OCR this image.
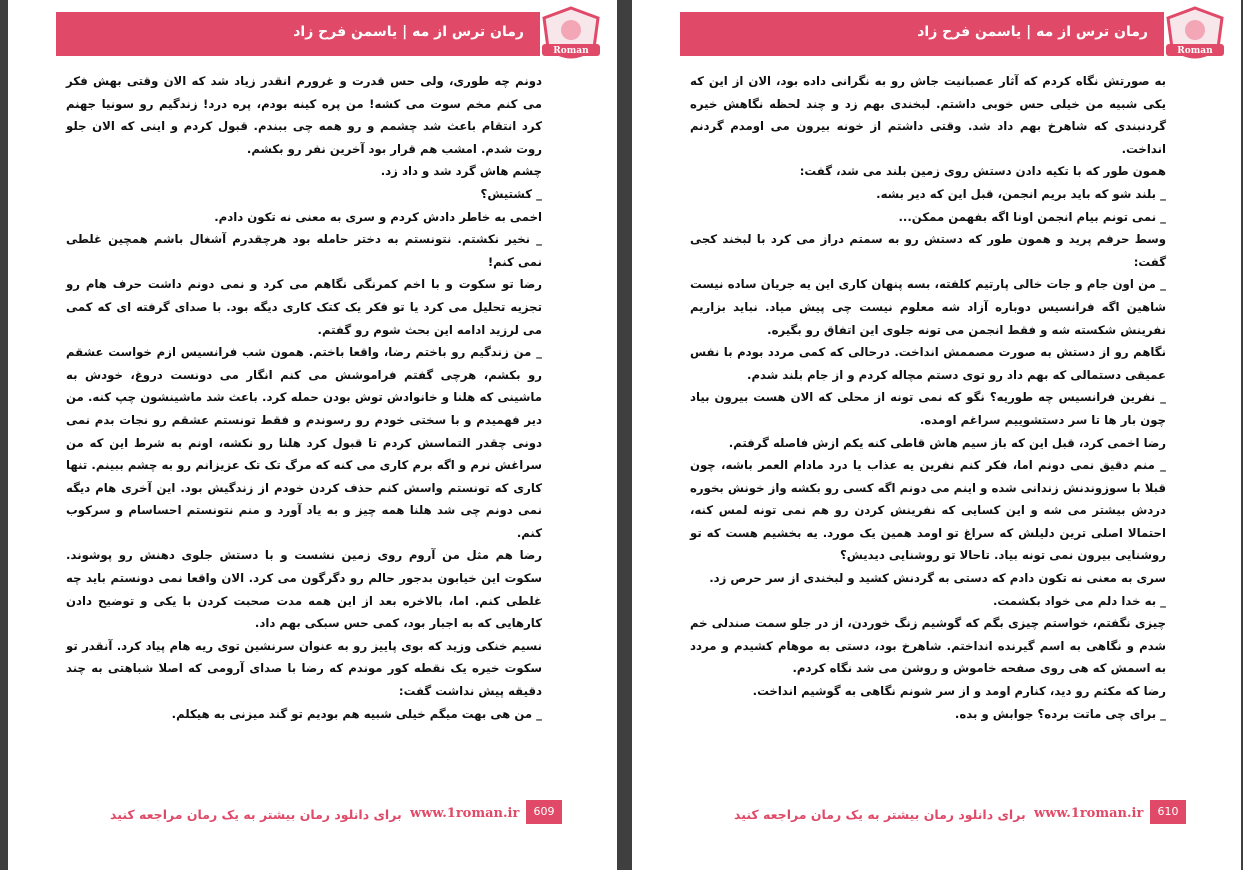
رمان ترس از مه | یاسمن فرح زاد
Roman

دونم چه طوری، ولی حس قدرت و غرورم انقدر زیاد شد که الان وقتی بهش فکر می کنم مخم سوت می کشه! من پره کینه بودم، پره درد! زندگیم رو سونیا جهنم کرد انتقام باعث شد چشمم و رو همه چی ببندم. قبول کردم و اینی که الان جلو روت شدم. امشب هم قرار بود آخرین نفر رو بکشم.

چشم هاش گرد شد و داد زد.

_ کشتیش؟

اخمی به خاطر دادش کردم و سری به معنی نه تکون دادم.

_ نخیر نکشتم. نتونستم به دختر حامله بود هرچقدرم آشغال باشم همچین غلطی نمی کنم!

رضا تو سکوت و با اخم کمرنگی نگاهم می کرد و نمی دونم داشت حرف هام رو تجزیه تحلیل می کرد یا تو فکر یک کتک کاری دیگه بود. با صدای گرفته ای که کمی می لرزید ادامه این بحث شوم رو گفتم.

_ من زندگیم رو باختم رضا، واقعا باختم. همون شب فرانسیس ازم خواست عشقم رو بکشم، هرچی گفتم فراموشش می کنم انگار می دونست دروغ، خودش به ماشینی که هلنا و خانوادش توش بودن حمله کرد. باعث شد ماشینشون چپ کنه. من دیر فهمیدم و با سختی خودم رو رسوندم و فقط تونستم عشقم رو نجات بدم نمی دونی چقدر التماسش کردم تا قبول کرد هلنا رو نکشه، اونم به شرط این که من سراغش نرم و اگه برم کاری می کنه که مرگ تک تک عزیزانم رو به چشم ببینم. تنها کاری که تونستم واسش کنم حذف کردن خودم از زندگیش بود. این آخری هام دیگه نمی دونم چی شد هلنا همه چیز و به یاد آورد و منم نتونستم احساسام و سرکوب کنم.

رضا هم مثل من آروم روی زمین نشست و با دستش جلوی دهنش رو پوشوند. سکوت این خیابون بدجور حالم رو دگرگون می کرد. الان واقعا نمی دونستم باید چه غلطی کنم. اما، بالاخره بعد از این همه مدت صحبت کردن با یکی و توضیح دادن کارهایی که به اجبار بود، کمی حس سبکی بهم داد.

نسیم خنکی وزید که بوی پاییز رو به عنوان سرنشین توی ریه هام پیاد کرد. آنقدر تو سکوت خیره یک نقطه کور موندم که رضا با صدای آرومی که اصلا شباهتی به چند دقیقه پیش نداشت گفت:

_ من هی بهت میگم خیلی شبیه هم بودیم تو گند میزنی به هیکلم.

برای دانلود رمان بیشتر به یک رمان مراجعه کنید www.1roman.ir	609
رمان ترس از مه | یاسمن فرح زاد
Roman

به صورتش نگاه کردم که آثار عصبانیت جاش رو به نگرانی داده بود، الان از این که یکی شبیه من خیلی حس خوبی داشتم. لبخندی بهم زد و چند لحظه نگاهش خیره گردنبندی که شاهرخ بهم داد شد. وقتی داشتم از خونه بیرون می اومدم گردنم انداخت.

همون طور که با تکیه دادن دستش روی زمین بلند می شد، گفت:

_ بلند شو که باید بریم انجمن، قبل این که دیر بشه.

_ نمی تونم بیام انجمن اونا اگه بفهمن ممکن...

وسط حرفم پرید و همون طور که دستش رو به سمتم دراز می کرد با لبخند کجی گفت:

_ من اون جام و جات خالی پارتیم کلفته، بسه پنهان کاری این یه جریان ساده نیست شاهین اگه فرانسیس دوباره آزاد شه معلوم نیست چی پیش میاد. نباید بزاریم نفرینش شکسته شه و فقط انجمن می تونه جلوی این اتفاق رو بگیره.

نگاهم رو از دستش به صورت مصممش انداخت. درحالی که کمی مردد بودم با نفس عمیقی دستمالی که بهم داد رو توی دستم مچاله کردم و از جام بلند شدم.

_ نفرین فرانسیس چه طوریه؟ نگو که نمی تونه از محلی که الان هست بیرون بیاد چون بار ها تا سر دستشوییم سراغم اومده.

رضا اخمی کرد، قبل این که باز سیم هاش قاطی کنه یکم ازش فاصله گرفتم.

_ منم دقیق نمی دونم اما، فکر کنم نفرین یه عذاب یا درد مادام العمر باشه، چون قبلا با سوزوندنش زندانی شده و اینم می دونم اگه کسی رو بکشه واز خونش بخوره دردش بیشتر می شه و این کسایی که نفرینش کردن رو هم نمی تونه لمس کنه، احتمالا اصلی ترین دلیلش که سراغ تو اومد همین یک مورد. یه بخشیم هست که تو روشنایی بیرون نمی تونه بیاد. تاحالا تو روشنایی دیدیش؟

سری به معنی نه تکون دادم که دستی به گردنش کشید و لبخندی از سر حرص زد.

_ به خدا دلم می خواد بکشمت.

چیزی نگفتم، خواستم چیزی بگم که گوشیم زنگ خوردن، از در جلو سمت صندلی خم شدم و نگاهی به اسم گیرنده انداختم. شاهرخ بود، دستی به موهام کشیدم و مردد به اسمش که هی روی صفحه خاموش و روشن می شد نگاه کردم.

رضا که مکثم رو دید، کنارم اومد و از سر شونم نگاهی به گوشیم انداخت.

_ برای چی ماتت برده؟ جوابش و بده.

برای دانلود رمان بیشتر به یک رمان مراجعه کنید www.1roman.ir	610
